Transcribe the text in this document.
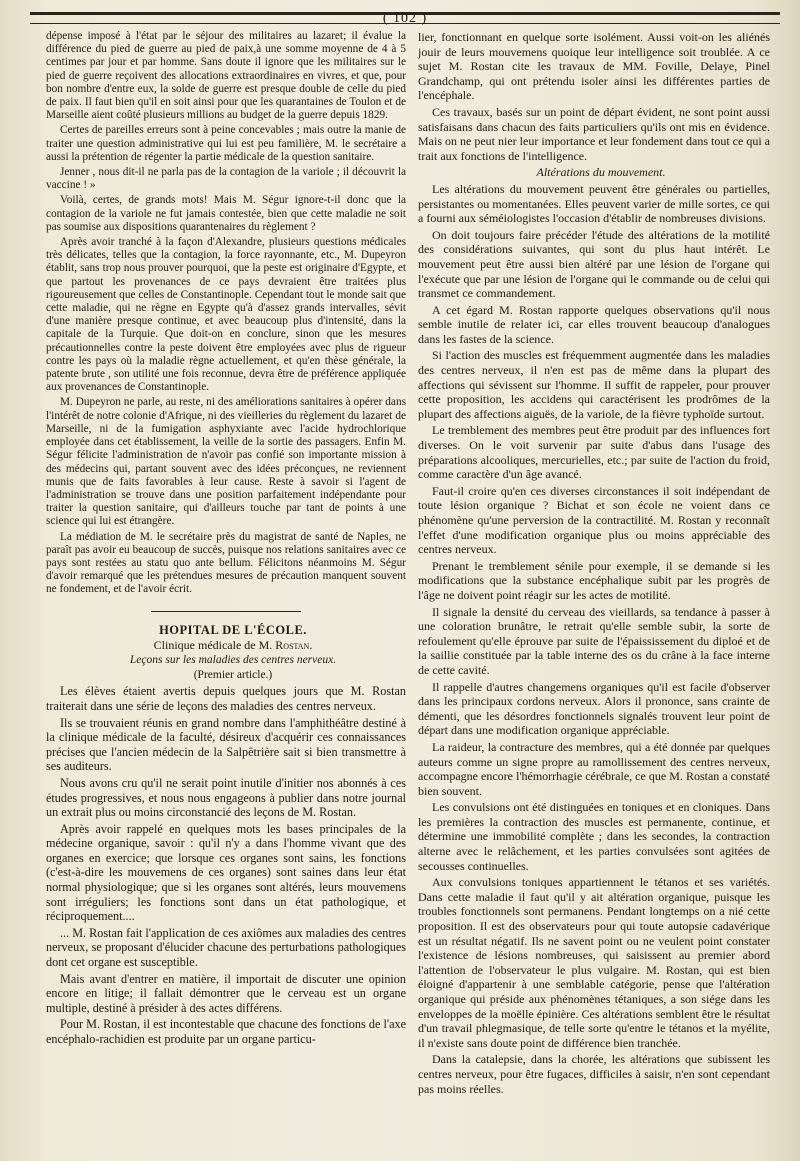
( 102 )

dépense imposé à l'état par le séjour des militaires au lazaret; il évalue la différence du pied de guerre au pied de paix,à une somme moyenne de 4 à 5 centimes par jour et par homme. Sans doute il ignore que les militaires sur le pied de guerre reçoivent des allocations extraordinaires en vivres, et que, pour bon nombre d'entre eux, la solde de guerre est presque double de celle du pied de paix. Il faut bien qu'il en soit ainsi pour que les quarantaines de Toulon et de Marseille aient coûté plusieurs millions au budget de la guerre depuis 1829.

Certes de pareilles erreurs sont à peine concevables ; mais outre la manie de traiter une question administrative qui lui est peu familière, M. le secrétaire a aussi la prétention de régenter la partie médicale de la question sanitaire.

Jenner , nous dit-il ne parla pas de la contagion de la variole ; il découvrit la vaccine ! »

Voilà, certes, de grands mots! Mais M. Ségur ignore-t-il donc que la contagion de la variole ne fut jamais contestée, bien que cette maladie ne soit pas soumise aux dispositions quarantenaires du règlement ?

Après avoir tranché à la façon d'Alexandre, plusieurs questions médicales très délicates, telles que la contagion, la force rayonnante, etc., M. Dupeyron établit, sans trop nous prouver pourquoi, que la peste est originaire d'Egypte, et que partout les provenances de ce pays devraient être traitées plus rigoureusement que celles de Constantinople. Cependant tout le monde sait que cette maladie, qui ne règne en Egypte qu'à d'assez grands intervalles, sévit d'une manière presque continue, et avec beaucoup plus d'intensité, dans la capitale de la Turquie. Que doit-on en conclure, sinon que les mesures précautionnelles contre la peste doivent être employées avec plus de rigueur contre les pays où la maladie règne actuellement, et qu'en thèse générale, la patente brute , son utilité une fois reconnue, devra être de préférence appliquée aux provenances de Constantinople.

M. Dupeyron ne parle, au reste, ni des améliorations sanitaires à opérer dans l'intérêt de notre colonie d'Afrique, ni des vieilleries du règlement du lazaret de Marseille, ni de la fumigation asphyxiante avec l'acide hydrochlorique employée dans cet établissement, la veille de la sortie des passagers. Enfin M. Ségur félicite l'administration de n'avoir pas confié son importante mission à des médecins qui, partant souvent avec des idées préconçues, ne reviennent munis que de faits favorables à leur cause. Reste à savoir si l'agent de l'administration se trouve dans une position parfaitement indépendante pour traiter la question sanitaire, qui d'ailleurs touche par tant de points à une science qui lui est étrangère.

La médiation de M. le secrétaire près du magistrat de santé de Naples, ne paraît pas avoir eu beaucoup de succès, puisque nos relations sanitaires avec ce pays sont restées au statu quo ante bellum. Félicitons néanmoins M. Ségur d'avoir remarqué que les prétendues mesures de précaution manquent souvent ne fondement, et de l'avoir écrit.

HOPITAL DE L'ÉCOLE.

Clinique médicale de M. Rostan.

Leçons sur les maladies des centres nerveux.

(Premier article.)

Les élèves étaient avertis depuis quelques jours que M. Rostan traiterait dans une série de leçons des maladies des centres nerveux.

Ils se trouvaient réunis en grand nombre dans l'amphithéâtre destiné à la clinique médicale de la faculté, désireux d'acquérir ces connaissances précises que l'ancien médecin de la Salpêtrière sait si bien transmettre à ses auditeurs.

Nous avons cru qu'il ne serait point inutile d'initier nos abonnés à ces études progressives, et nous nous engageons à publier dans notre journal un extrait plus ou moins circonstancié des leçons de M. Rostan.

Après avoir rappelé en quelques mots les bases principales de la médecine organique, savoir : qu'il n'y a dans l'homme vivant que des organes en exercice; que lorsque ces organes sont sains, les fonctions (c'est-à-dire les mouvemens de ces organes) sont saines dans leur état normal physiologique; que si les organes sont altérés, leurs mouvemens sont irréguliers; les fonctions sont dans un état pathologique, et réciproquement....

... M. Rostan fait l'application de ces axiômes aux maladies des centres nerveux, se proposant d'élucider chacune des perturbations pathologiques dont cet organe est susceptible.

Mais avant d'entrer en matière, il importait de discuter une opinion encore en litige; il fallait démontrer que le cerveau est un organe multiple, destiné à présider à des actes différens.

Pour M. Rostan, il est incontestable que chacune des fonctions de l'axe encéphalo-rachidien est produite par un organe particu-

lier, fonctionnant en quelque sorte isolément. Aussi voit-on les aliénés jouir de leurs mouvemens quoique leur intelligence soit troublée. A ce sujet M. Rostan cite les travaux de MM. Foville, Delaye, Pinel Grandchamp, qui ont prétendu isoler ainsi les différentes parties de l'encéphale.

Ces travaux, basés sur un point de départ évident, ne sont point aussi satisfaisans dans chacun des faits particuliers qu'ils ont mis en évidence. Mais on ne peut nier leur importance et leur fondement dans tout ce qui a trait aux fonctions de l'intelligence.

Altérations du mouvement.

Les altérations du mouvement peuvent être générales ou partielles, persistantes ou momentanées. Elles peuvent varier de mille sortes, ce qui a fourni aux séméiologistes l'occasion d'établir de nombreuses divisions.

On doit toujours faire précéder l'étude des altérations de la motilité des considérations suivantes, qui sont du plus haut intérêt. Le mouvement peut être aussi bien altéré par une lésion de l'organe qui l'exécute que par une lésion de l'organe qui le commande ou de celui qui transmet ce commandement.

A cet égard M. Rostan rapporte quelques observations qu'il nous semble inutile de relater ici, car elles trouvent beaucoup d'analogues dans les fastes de la science.

Si l'action des muscles est fréquemment augmentée dans les maladies des centres nerveux, il n'en est pas de même dans la plupart des affections qui sévissent sur l'homme. Il suffit de rappeler, pour prouver cette proposition, les accidens qui caractérisent les prodrômes de la plupart des affections aiguës, de la variole, de la fièvre typhoïde surtout.

Le tremblement des membres peut être produit par des influences fort diverses. On le voit survenir par suite d'abus dans l'usage des préparations alcooliques, mercurielles, etc.; par suite de l'action du froid, comme caractère d'un âge avancé.

Faut-il croire qu'en ces diverses circonstances il soit indépendant de toute lésion organique ? Bichat et son école ne voient dans ce phénomène qu'une perversion de la contractilité. M. Rostan y reconnaît l'effet d'une modification organique plus ou moins appréciable des centres nerveux.

Prenant le tremblement sénile pour exemple, il se demande si les modifications que la substance encéphalique subit par les progrès de l'âge ne doivent point réagir sur les actes de motilité.

Il signale la densité du cerveau des vieillards, sa tendance à passer à une coloration brunâtre, le retrait qu'elle semble subir, la sorte de refoulement qu'elle éprouve par suite de l'épaississement du diploé et de la saillie constituée par la table interne des os du crâne à la face interne de cette cavité.

Il rappelle d'autres changemens organiques qu'il est facile d'observer dans les principaux cordons nerveux. Alors il prononce, sans crainte de démenti, que les désordres fonctionnels signalés trouvent leur point de départ dans une modification organique appréciable.

La raideur, la contracture des membres, qui a été donnée par quelques auteurs comme un signe propre au ramollissement des centres nerveux, accompagne encore l'hémorrhagie cérébrale, ce que M. Rostan a constaté bien souvent.

Les convulsions ont été distinguées en toniques et en cloniques. Dans les premières la contraction des muscles est permanente, continue, et détermine une immobilité complète ; dans les secondes, la contraction alterne avec le relâchement, et les parties convulsées sont agitées de secousses continuelles.

Aux convulsions toniques appartiennent le tétanos et ses variétés. Dans cette maladie il faut qu'il y ait altération organique, puisque les troubles fonctionnels sont permanens. Pendant longtemps on a nié cette proposition. Il est des observateurs pour qui toute autopsie cadavérique est un résultat négatif. Ils ne savent point ou ne veulent point constater l'existence de lésions nombreuses, qui saisissent au premier abord l'attention de l'observateur le plus vulgaire. M. Rostan, qui est bien éloigné d'appartenir à une semblable catégorie, pense que l'altération organique qui préside aux phénomènes tétaniques, a son siége dans les enveloppes de la moëlle épinière. Ces altérations semblent être le résultat d'un travail phlegmasique, de telle sorte qu'entre le tétanos et la myélite, il n'existe sans doute point de différence bien tranchée.

Dans la catalepsie, dans la chorée, les altérations que subissent les centres nerveux, pour être fugaces, difficiles à saisir, n'en sont cependant pas moins réelles.
